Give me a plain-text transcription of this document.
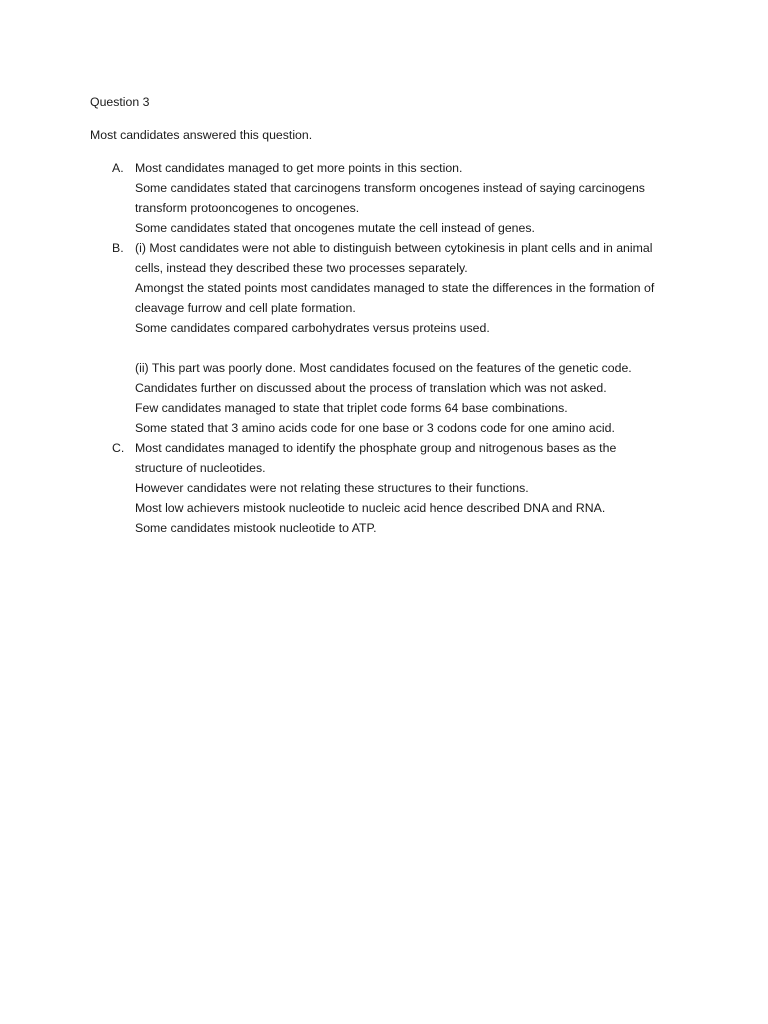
Question 3

Most candidates answered this question.

A. Most candidates managed to get more points in this section.
Some candidates stated that carcinogens transform oncogenes instead of saying carcinogens
transform protooncogenes to oncogenes.
Some candidates stated that oncogenes mutate the cell instead of genes.
B. (i) Most candidates were not able to distinguish between cytokinesis in plant cells and in animal
cells, instead they described these two processes separately.
Amongst the stated points most candidates managed to state the differences in the formation of
cleavage furrow and cell plate formation.
Some candidates compared carbohydrates versus proteins used.
(ii) This part was poorly done. Most candidates focused on the features of the genetic code.
Candidates further on discussed about the process of translation which was not asked.
Few candidates managed to state that triplet code forms 64 base combinations.
Some stated that 3 amino acids code for one base or 3 codons code for one amino acid.
C. Most candidates managed to identify the phosphate group and nitrogenous bases as the
structure of nucleotides.
However candidates were not relating these structures to their functions.
Most low achievers mistook nucleotide to nucleic acid hence described DNA and RNA.
Some candidates mistook nucleotide to ATP.
